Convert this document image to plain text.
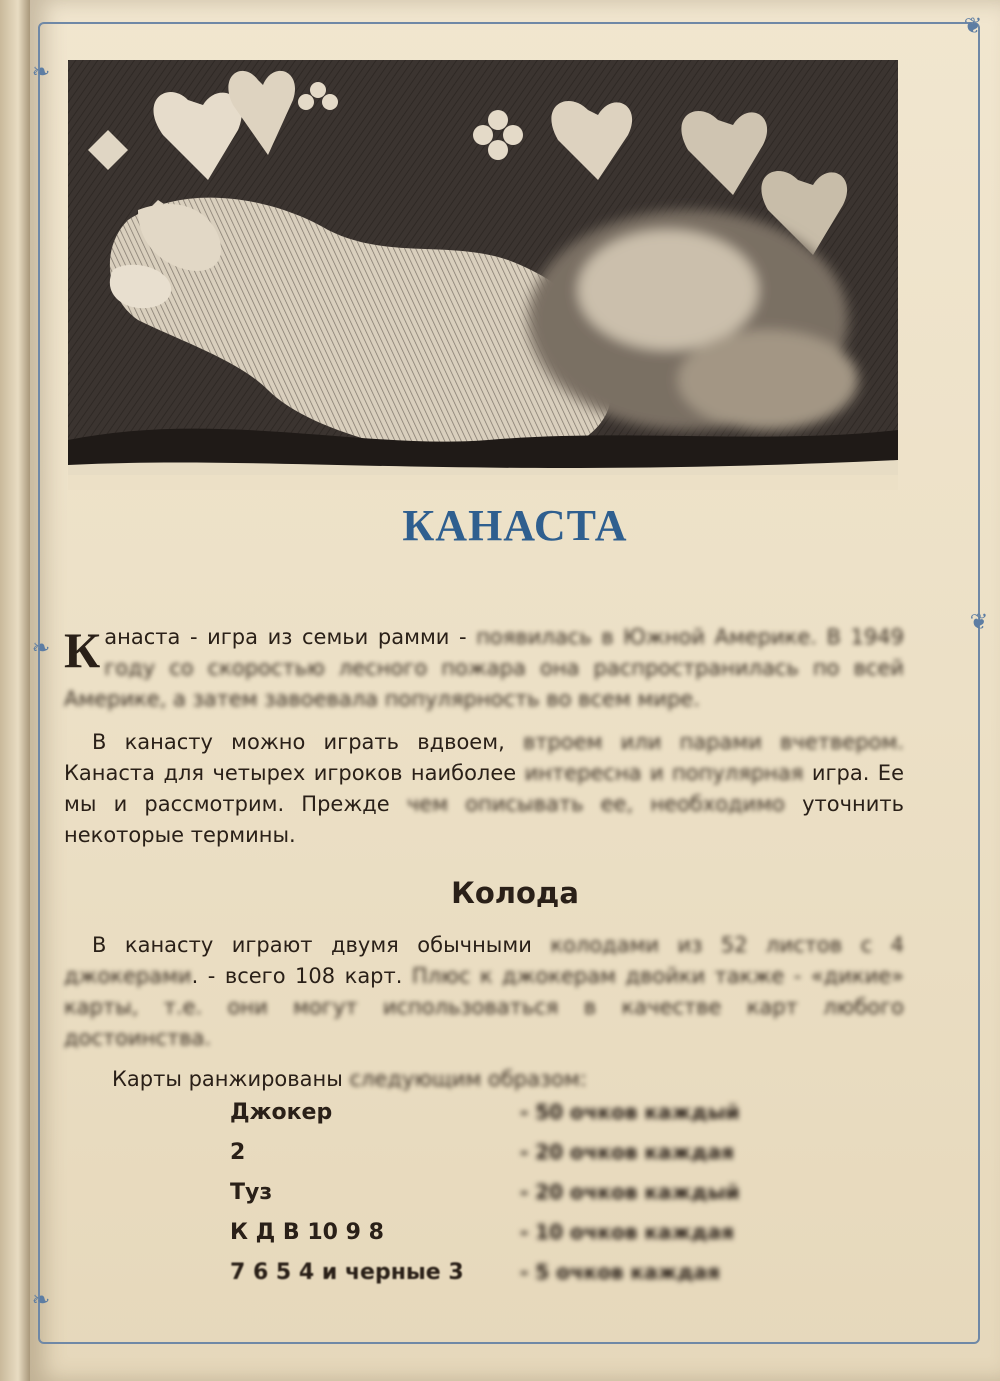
❧
❦
❧
❦
❧
КАНАСТА
Канаста - игра из семьи рамми - появилась в Южной Америке. В 1949 году со скоростью лесного пожара она распространилась по всей Америке, а затем завоевала популярность во всем мире.
В канасту можно играть вдвоем, втроем или парами вчетвером. Канаста для четырех игроков наиболее интересна и популярная игра. Ее мы и рассмотрим. Прежде чем описывать ее, необходимо уточнить некоторые термины.
Колода
В канасту играют двумя обычными колодами из 52 листов с 4 джокерами. - всего 108 карт. Плюс к джокерам двойки также - «дикие» карты, т.е. они могут использоваться в качестве карт любого достоинства.
Карты ранжированы следующим образом:
Джокер	- 50 очков каждый
2	- 20 очков каждая
Туз	- 20 очков каждый
К Д В 10 9 8	- 10 очков каждая
7 6 5 4 и черные 3	- 5 очков каждая
